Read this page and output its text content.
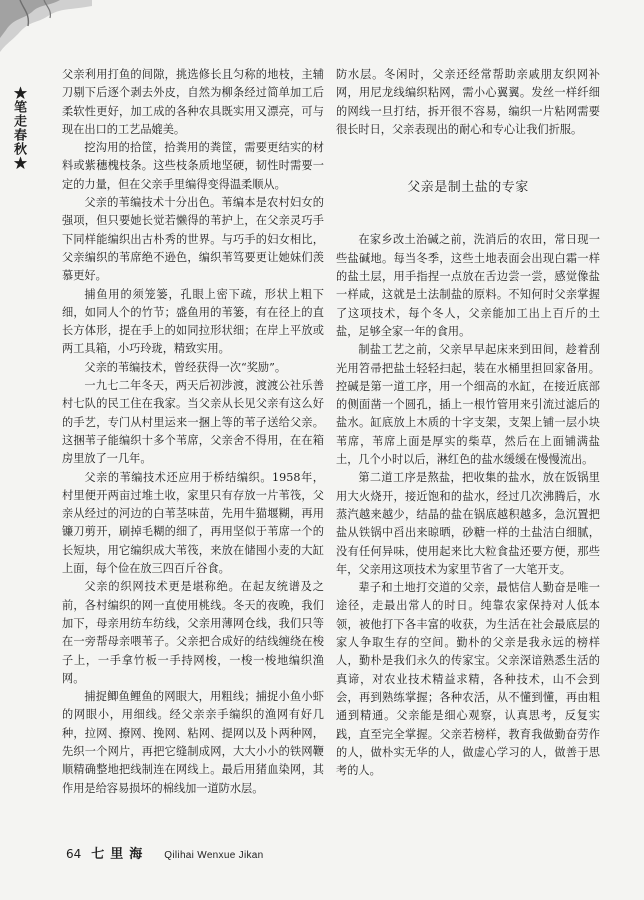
★笔走春秋★

父亲利用打鱼的间隙，挑选修长且匀称的地枝，主辅刀剔下后逐个剥去外皮，自然为柳条经过简单加工后柔软性更好，加工成的各种农具既实用又漂亮，可与现在出口的工艺品媲美。

挖沟用的拾筐，拾粪用的粪筐，需要更结实的材料或紫穗槐枝条。这些枝条质地坚硬，韧性时需要一定的力量，但在父亲手里编得变得温柔顺从。

父亲的苇编技术十分出色。苇编本是农村妇女的强项，但只要她长觉若懒得的苇护上，在父亲灵巧手下同样能编织出古朴秀的世界。与巧手的妇女相比，父亲编织的苇席绝不逊色，编织苇笃要更让她妹们羡慕更好。

捕鱼用的须笼篓，孔眼上密下疏，形状上粗下细，如同人个的竹节；盛鱼用的苇篓，有在径上的直长方体形，提在手上的如同拉形状细；在岸上平放或两工具箱，小巧玲珑，精致实用。

父亲的苇编技术，曾经获得一次“奖励”。

一九七二年冬天，两天后初涉渡，渡渡公社乐善村七队的民工住在我家。当父亲从长见父亲有这么好的手艺，专门从村里运来一捆上等的苇子送给父亲。这捆苇子能编织十多个苇席，父亲舍不得用，在在箱房里放了一几年。

父亲的苇编技术还应用于桥结编织。1958年，村里便开两亩过堆土收，家里只有存放一片苇筏，父亲从经过的河边的白苇茎味苗，先用牛猫堰糊，再用镰刀剪开，刷掉毛糊的细了，再用坚似于苇席一个的长短块，用它编织成大苇筏，来放在储囤小麦的大缸上面，每个俭在放三四百斤谷食。

父亲的织网技术更是堪称绝。在起友统谱及之前，各村编织的网一直使用桃线。冬天的夜晚，我们加下，母亲用纺车纺线，父亲用薄网仓线，我们只等在一旁帮母亲喂苇子。父亲把合成好的结线缠绕在梭子上，一手拿竹板一手持网梭，一梭一梭地编织渔网。

捕捉鲫鱼鲤鱼的网眼大，用粗线；捕捉小鱼小虾的网眼小，用细线。经父亲亲手编织的渔网有好几种，拉网、撩网、挽网、粘网、提网以及卜两种网，先织一个网片，再把它缝制成网，大大小小的铁网鞭顺精确整地把线制连在网线上。最后用猪血染网，其作用是给容易损坏的棉线加一道防水层。

防水层。冬闲时，父亲还经常帮助亲戚朋友织网补网，用尼龙线编织粘网，需小心翼翼。发丝一样纤细的网线一旦打结，拆开很不容易，编织一片粘网需要很长时日，父亲表现出的耐心和专心让我们折服。

父亲是制土盐的专家

在家乡改土治碱之前，洗消后的农田，常日现一些盐碱地。每当冬季，这些土地表面会出现白霜一样的盐土层，用手指捏一点放在舌边尝一尝，感觉像盐一样咸，这就是土法制盐的原料。不知何时父亲掌握了这项技术，每个冬人，父亲能加工出上百斤的土盐，足够全家一年的食用。

制盐工艺之前，父亲早早起床来到田间，趁着刮光用笤帚把盐土轻轻扫起，装在水桶里担回家备用。控碱是第一道工序，用一个细高的水缸，在接近底部的侧面凿一个圆孔，插上一根竹管用来引流过滤后的盐水。缸底放上木质的十字支架，支架上铺一层小块苇席，苇席上面是厚实的柴草，然后在上面铺满盐土，几个小时以后，淋红色的盐水缓缓在慢慢流出。

第二道工序是熬盐，把收集的盐水，放在饭锅里用大火烧开，接近饱和的盐水，经过几次沸腾后，水蒸汽越来越少，结晶的盐在锅底越积越多，急沉置把盐从铁锅中舀出来晾晒，砂糖一样的土盐洁白细腻，没有任何异味，使用起来比大粒食盐还要方便，那些年，父亲用这项技术为家里节省了一大笔开支。

辈子和土地打交道的父亲，最惦信人勤奋是唯一途径，走最出常人的时日。纯靠农家保持对人低本领，被他打下各丰富的收获，为生活在社会最底层的家人争取生存的空间。勤朴的父亲是我永远的榜样人，勤朴是我们永久的传家宝。父亲深谙熟悉生活的真谛，对农业技术精益求精，各种技术，山不会到会，再到熟练掌握；各种农活，从不懂到懂，再由粗通到精通。父亲能是细心观察，认真思考，反复实践，直至完全掌握。父亲若榜样，教育我做勤奋劳作的人，做朴实无华的人，做虚心学习的人，做善于思考的人。

64 七里海 Qilihai Wenxue Jikan
